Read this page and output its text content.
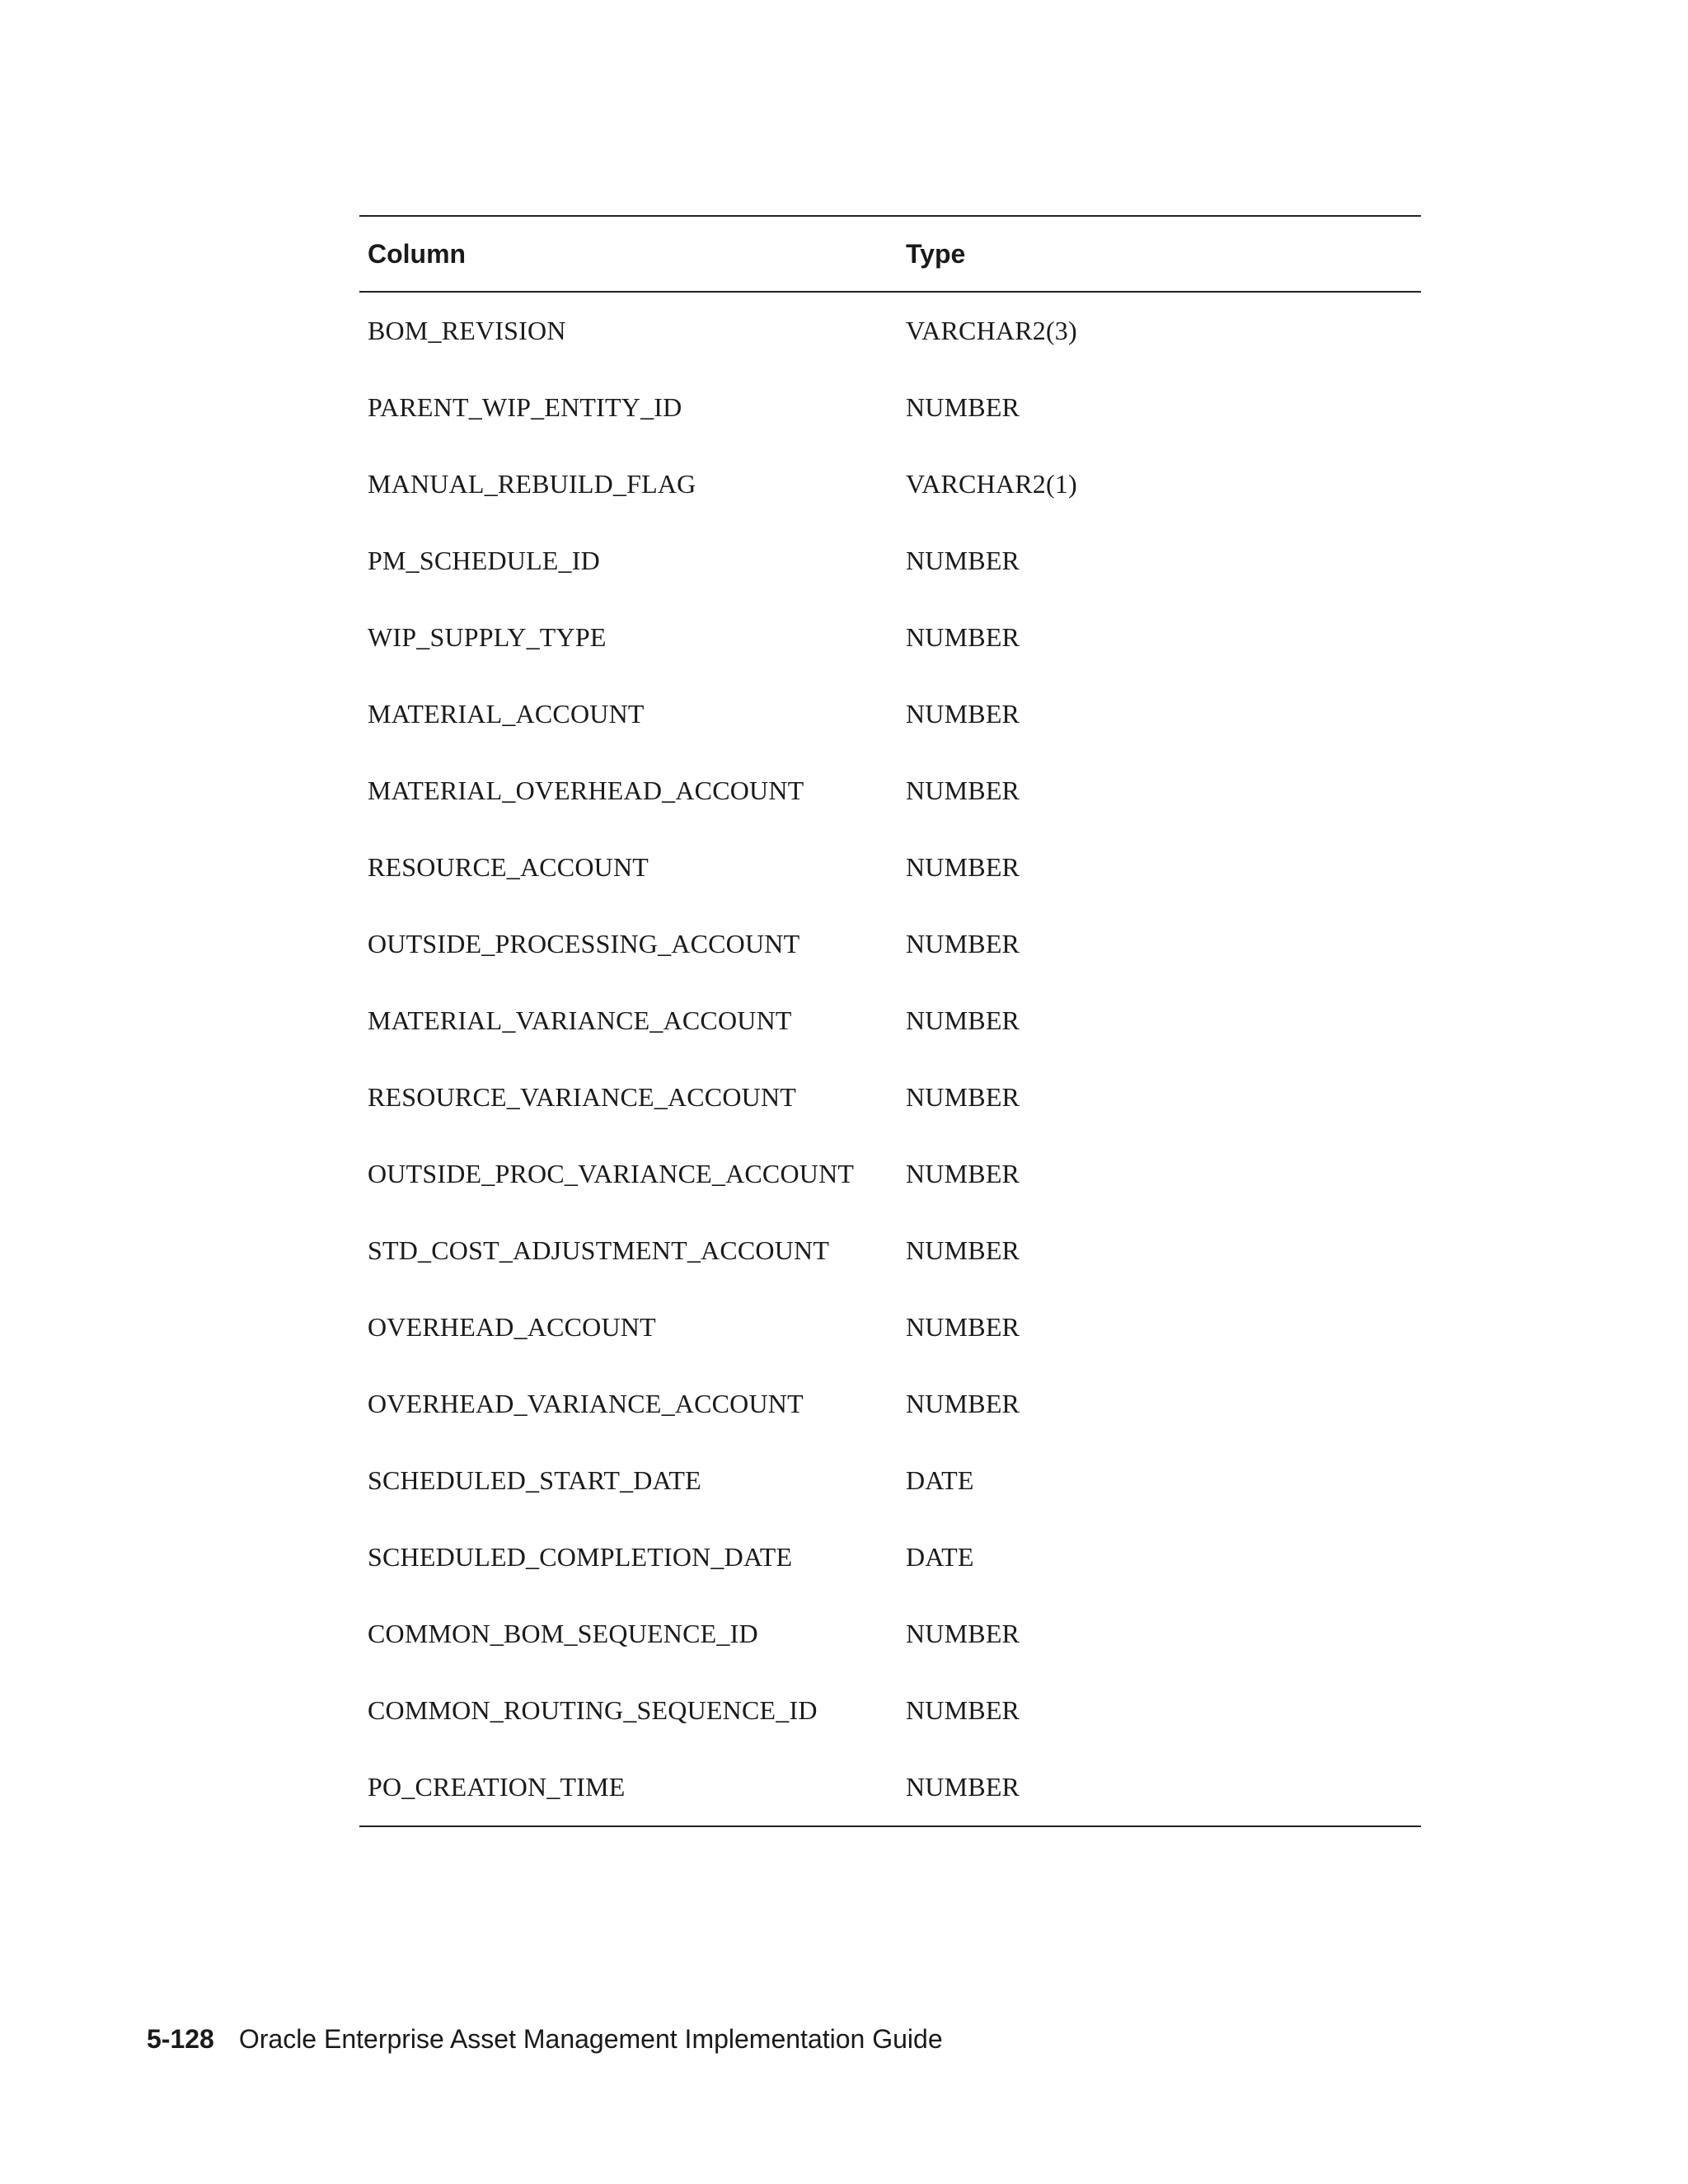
Column	Type
BOM_REVISION	VARCHAR2(3)
PARENT_WIP_ENTITY_ID	NUMBER
MANUAL_REBUILD_FLAG	VARCHAR2(1)
PM_SCHEDULE_ID	NUMBER
WIP_SUPPLY_TYPE	NUMBER
MATERIAL_ACCOUNT	NUMBER
MATERIAL_OVERHEAD_ACCOUNT	NUMBER
RESOURCE_ACCOUNT	NUMBER
OUTSIDE_PROCESSING_ACCOUNT	NUMBER
MATERIAL_VARIANCE_ACCOUNT	NUMBER
RESOURCE_VARIANCE_ACCOUNT	NUMBER
OUTSIDE_PROC_VARIANCE_ACCOUNT	NUMBER
STD_COST_ADJUSTMENT_ACCOUNT	NUMBER
OVERHEAD_ACCOUNT	NUMBER
OVERHEAD_VARIANCE_ACCOUNT	NUMBER
SCHEDULED_START_DATE	DATE
SCHEDULED_COMPLETION_DATE	DATE
COMMON_BOM_SEQUENCE_ID	NUMBER
COMMON_ROUTING_SEQUENCE_ID	NUMBER
PO_CREATION_TIME	NUMBER
5-128 Oracle Enterprise Asset Management Implementation Guide
